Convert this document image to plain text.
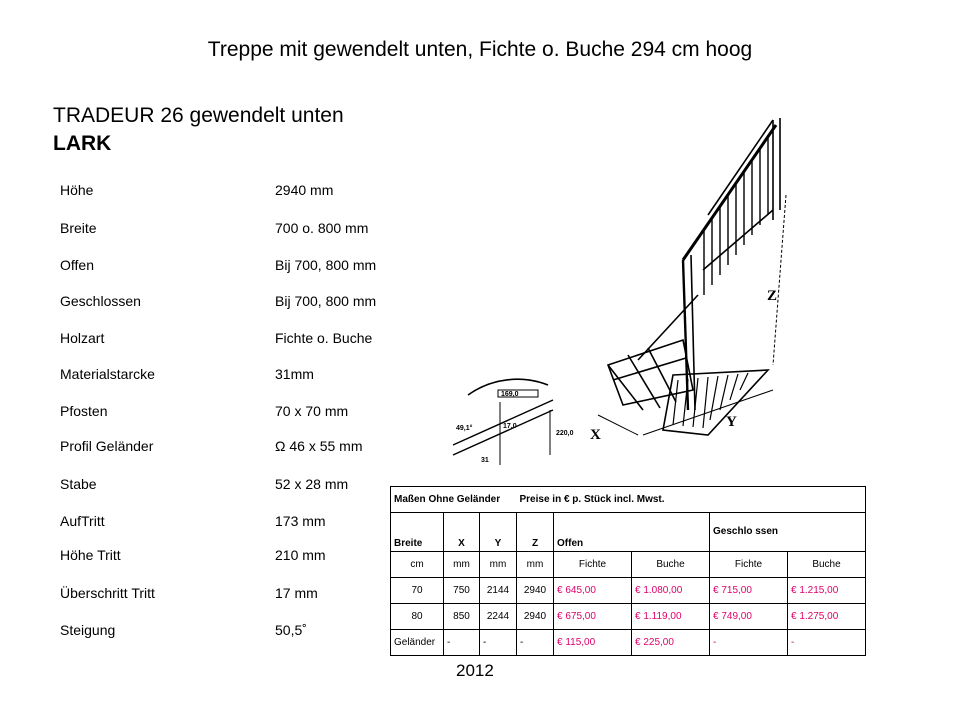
Treppe mit gewendelt unten, Fichte o. Buche 294 cm hoog
TRADEUR 26 gewendelt unten
LARK
Höhe	2940 mm
Breite	700 o. 800 mm
Offen	Bij 700, 800 mm
Geschlossen	Bij 700, 800 mm
Holzart	Fichte o. Buche
Materialstarcke	31mm
Pfosten	70 x 70 mm
Profil Geländer	Ω 46 x 55 mm
Stabe	52 x 28 mm
AufTritt	173 mm
Höhe Tritt	210 mm
Überschritt Tritt	17 mm
Steigung	50,5˚
Z
X
Y
169,0
49,1°	17,0
220,0
31
Maßen Ohne Geländer			Preise in € p. Stück incl. Mwst.				
Breite	X	Y	Z	Offen		Geschlo ssen	
cm	mm	mm	mm	Fichte	Buche	Fichte	Buche
70	750	2144	2940	€ 645,00	€ 1.080,00	€ 715,00	€ 1.215,00
80	850	2244	2940	€ 675,00	€ 1.119,00	€ 749,00	€ 1.275,00
Geländer	-	-	-	€ 115,00	€ 225,00	-	-
2012
